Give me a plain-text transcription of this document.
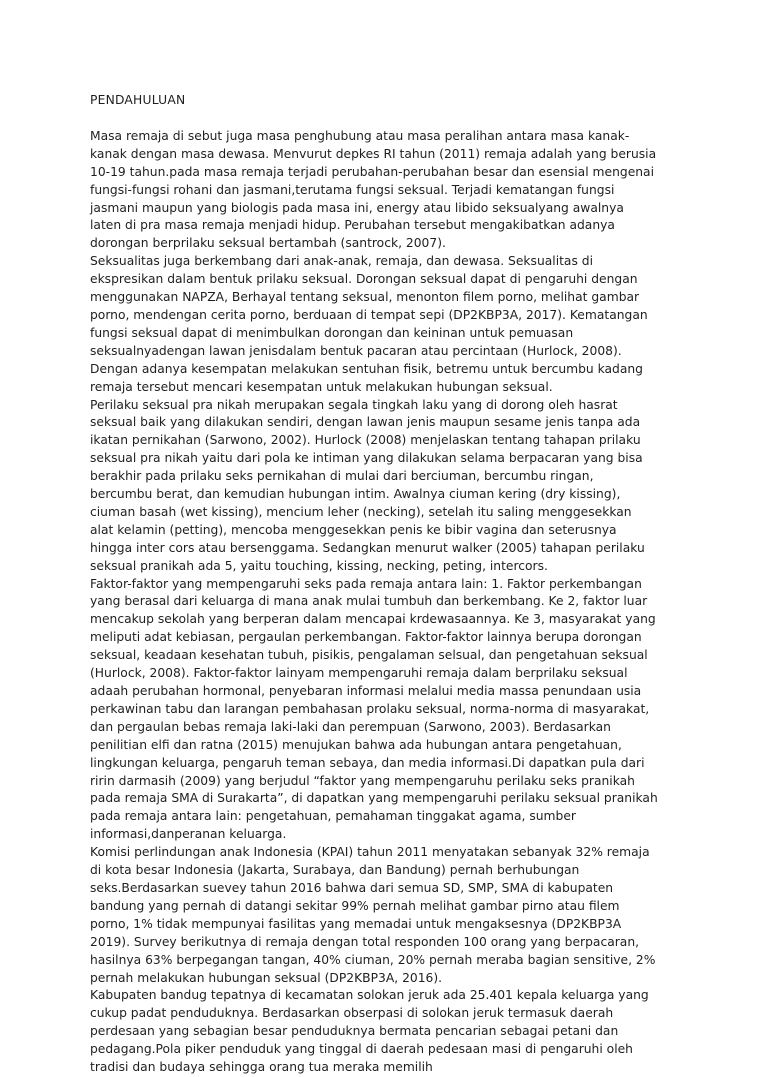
PENDAHULUAN

Masa remaja di sebut juga masa penghubung atau masa peralihan antara masa kanak-kanak dengan masa dewasa. Menvurut depkes RI tahun (2011) remaja adalah yang berusia 10-19 tahun.pada masa remaja terjadi perubahan-perubahan besar dan esensial mengenai fungsi-fungsi rohani dan jasmani,terutama fungsi seksual. Terjadi kematangan fungsi jasmani maupun yang biologis pada masa ini, energy atau libido seksualyang awalnya laten di pra masa remaja menjadi hidup. Perubahan tersebut mengakibatkan adanya dorongan berprilaku seksual bertambah (santrock, 2007).

Seksualitas juga berkembang dari anak-anak, remaja, dan dewasa. Seksualitas di ekspresikan dalam bentuk prilaku seksual. Dorongan seksual dapat di pengaruhi dengan menggunakan NAPZA, Berhayal tentang seksual, menonton filem porno, melihat gambar porno, mendengan cerita porno, berduaan di tempat sepi (DP2KBP3A, 2017). Kematangan fungsi seksual dapat di menimbulkan dorongan dan keininan untuk pemuasan seksualnyadengan lawan jenisdalam bentuk pacaran atau percintaan (Hurlock, 2008). Dengan adanya kesempatan melakukan sentuhan fisik, betremu untuk bercumbu kadang remaja tersebut mencari kesempatan untuk melakukan hubungan seksual.

Perilaku seksual pra nikah merupakan segala tingkah laku yang di dorong oleh hasrat seksual baik yang dilakukan sendiri, dengan lawan jenis maupun sesame jenis tanpa ada ikatan pernikahan (Sarwono, 2002). Hurlock (2008) menjelaskan tentang tahapan prilaku seksual pra nikah yaitu dari pola ke intiman yang dilakukan selama berpacaran yang bisa berakhir pada prilaku seks pernikahan di mulai dari berciuman, bercumbu ringan, bercumbu berat, dan kemudian hubungan intim. Awalnya ciuman kering (dry kissing), ciuman basah (wet kissing), mencium leher (necking), setelah itu saling menggesekkan alat kelamin (petting), mencoba menggesekkan penis ke bibir vagina dan seterusnya hingga inter cors atau bersenggama. Sedangkan menurut walker (2005) tahapan perilaku seksual pranikah ada 5, yaitu touching, kissing, necking, peting, intercors.

Faktor-faktor yang mempengaruhi seks pada remaja antara lain: 1. Faktor perkembangan yang berasal dari keluarga di mana anak mulai tumbuh dan berkembang. Ke 2, faktor luar mencakup sekolah yang berperan dalam mencapai krdewasaannya. Ke 3, masyarakat yang meliputi adat kebiasan, pergaulan perkembangan. Faktor-faktor lainnya berupa dorongan seksual, keadaan kesehatan tubuh, pisikis, pengalaman selsual, dan pengetahuan seksual (Hurlock, 2008). Faktor-faktor lainyam mempengaruhi remaja dalam berprilaku seksual adaah perubahan hormonal, penyebaran informasi melalui media massa penundaan usia perkawinan tabu dan larangan pembahasan prolaku seksual, norma-norma di masyarakat, dan pergaulan bebas remaja laki-laki dan perempuan (Sarwono, 2003). Berdasarkan penilitian elfi dan ratna (2015) menujukan bahwa ada hubungan antara pengetahuan, lingkungan keluarga, pengaruh teman sebaya, dan media informasi.Di dapatkan pula dari ririn darmasih (2009) yang berjudul “faktor yang mempengaruhu perilaku seks pranikah pada remaja SMA di Surakarta”, di dapatkan yang mempengaruhi perilaku seksual pranikah pada remaja antara lain: pengetahuan, pemahaman tinggakat agama, sumber informasi,danperanan keluarga.

Komisi perlindungan anak Indonesia (KPAI) tahun 2011 menyatakan sebanyak 32% remaja di kota besar Indonesia (Jakarta, Surabaya, dan Bandung) pernah berhubungan seks.Berdasarkan suevey tahun 2016 bahwa dari semua SD, SMP, SMA di kabupaten bandung yang pernah di datangi sekitar 99% pernah melihat gambar pirno atau filem porno, 1% tidak mempunyai fasilitas yang memadai untuk mengaksesnya (DP2KBP3A 2019). Survey berikutnya di remaja dengan total responden 100 orang yang berpacaran, hasilnya 63% berpegangan tangan, 40% ciuman, 20% pernah meraba bagian sensitive, 2% pernah melakukan hubungan seksual (DP2KBP3A, 2016).

Kabupaten bandug tepatnya di kecamatan solokan jeruk ada 25.401 kepala keluarga yang cukup padat penduduknya. Berdasarkan obserpasi di solokan jeruk termasuk daerah perdesaan yang sebagian besar penduduknya bermata pencarian sebagai petani dan pedagang.Pola piker penduduk yang tinggal di daerah pedesaan masi di pengaruhi oleh tradisi dan budaya sehingga orang tua meraka memilih
